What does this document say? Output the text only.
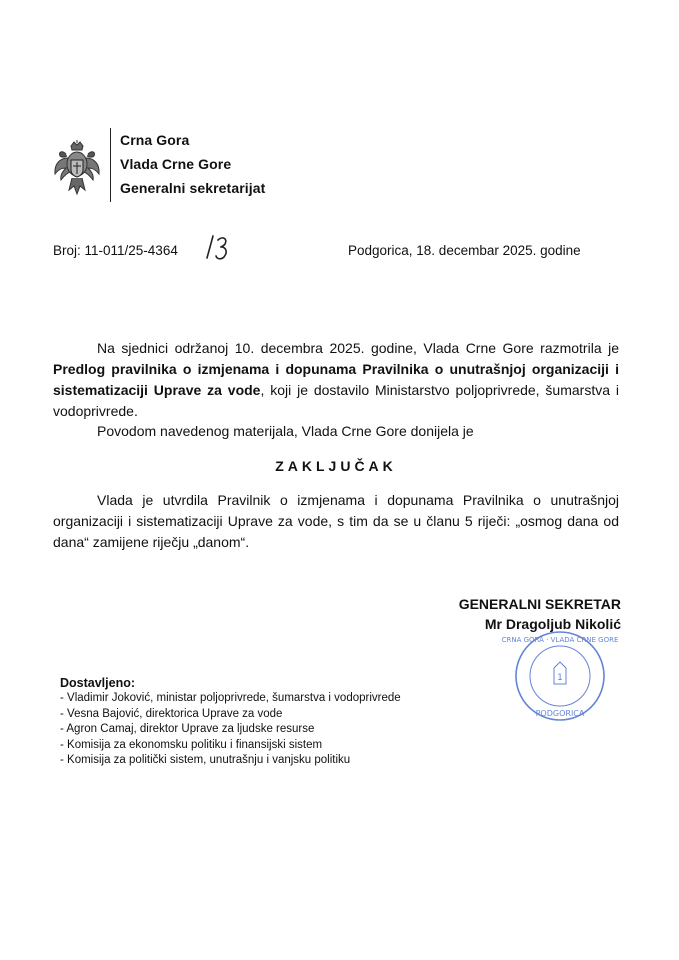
Crna Gora
Vlada Crne Gore
Generalni sekretarijat
Broj: 11-011/25-4364	Podgorica, 18. decembar 2025. godine
Na sjednici održanoj 10. decembra 2025. godine, Vlada Crne Gore razmotrila je Predlog pravilnika o izmjenama i dopunama Pravilnika o unutrašnjoj organizaciji i sistematizaciji Uprave za vode, koji je dostavilo Ministarstvo poljoprivrede, šumarstva i vodoprivrede.
Povodom navedenog materijala, Vlada Crne Gore donijela je
ZAKLJUČAK
Vlada je utvrdila Pravilnik o izmjenama i dopunama Pravilnika o unutrašnjoj organizaciji i sistematizaciji Uprave za vode, s tim da se u članu 5 riječi: „osmog dana od dana“ zamijene riječju „danom“.
1
PODGORICA
CRNA GORA · VLADA CRNE GORE
GENERALNI SEKRETAR
Mr Dragoljub Nikolić
Dostavljeno:
- Vladimir Joković, ministar poljoprivrede, šumarstva i vodoprivrede
- Vesna Bajović, direktorica Uprave za vode
- Agron Camaj, direktor Uprave za ljudske resurse
- Komisija za ekonomsku politiku i finansijski sistem
- Komisija za politički sistem, unutrašnju i vanjsku politiku
